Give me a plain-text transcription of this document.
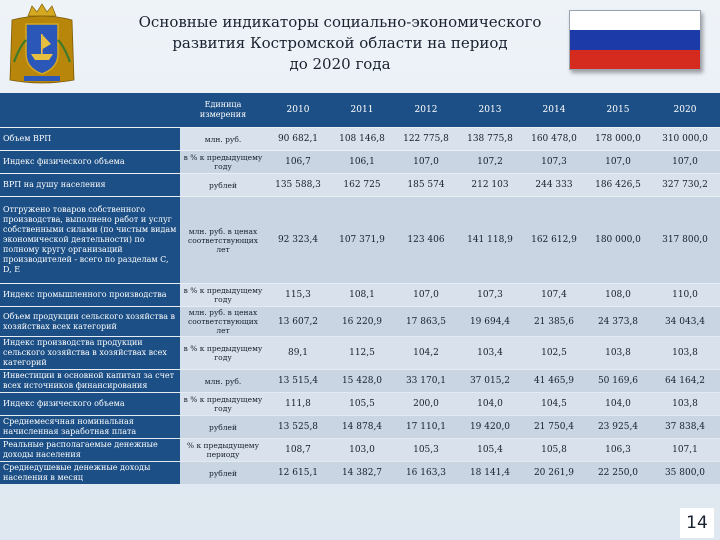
Основные индикаторы социально-экономического
развития Костромской области на период
до 2020 года
	Единица измерения	2010	2011	2012	2013	2014	2015	2020
Объем ВРП	млн. руб.	90 682,1	108 146,8	122 775,8	138 775,8	160 478,0	178 000,0	310 000,0
Индекс физического объема	в % к предыдущему году	106,7	106,1	107,0	107,2	107,3	107,0	107,0
ВРП на душу населения	рублей	135 588,3	162 725	185 574	212 103	244 333	186 426,5	327 730,2
Отгружено товаров собственного производства, выполнено работ и услуг собственными силами (по чистым видам экономической деятельности) по полному кругу организаций производителей - всего по разделам C, D, E	млн. руб. в ценах соответствующих лет	92 323,4	107 371,9	123 406	141 118,9	162 612,9	180 000,0	317 800,0
Индекс промышленного производства	в % к предыдущему году	115,3	108,1	107,0	107,3	107,4	108,0	110,0
Объем продукции сельского хозяйства в хозяйствах всех категорий	млн. руб. в ценах соответствующих лет	13 607,2	16 220,9	17 863,5	19 694,4	21 385,6	24 373,8	34 043,4
Индекс производства продукции сельского хозяйства в хозяйствах всех категорий	в % к предыдущему году	89,1	112,5	104,2	103,4	102,5	103,8	103,8
Инвестиции в основной капитал за счет всех источников финансирования	млн. руб.	13 515,4	15 428,0	33 170,1	37 015,2	41 465,9	50 169,6	64 164,2
Индекс физического объема	в % к предыдущему году	111,8	105,5	200,0	104,0	104,5	104,0	103,8
Среднемесячная номинальная начисленная заработная плата	рублей	13 525,8	14 878,4	17 110,1	19 420,0	21 750,4	23 925,4	37 838,4
Реальные располагаемые денежные доходы населения	% к предыдущему периоду	108,7	103,0	105,3	105,4	105,8	106,3	107,1
Среднедушевые денежные доходы населения в месяц	рублей	12 615,1	14 382,7	16 163,3	18 141,4	20 261,9	22 250,0	35 800,0
14
